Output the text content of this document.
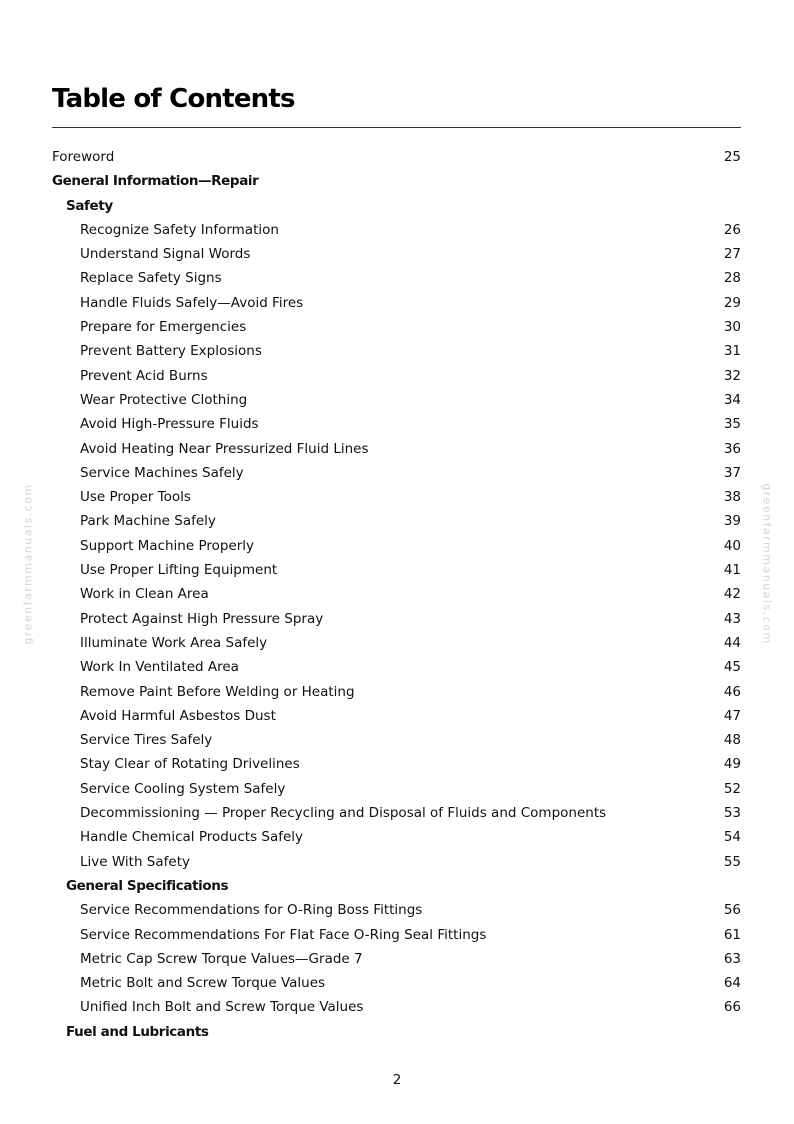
Table of Contents
Foreword	25
General Information—Repair
Safety
Recognize Safety Information	26
Understand Signal Words	27
Replace Safety Signs	28
Handle Fluids Safely—Avoid Fires	29
Prepare for Emergencies	30
Prevent Battery Explosions	31
Prevent Acid Burns	32
Wear Protective Clothing	34
Avoid High-Pressure Fluids	35
Avoid Heating Near Pressurized Fluid Lines	36
Service Machines Safely	37
Use Proper Tools	38
Park Machine Safely	39
Support Machine Properly	40
Use Proper Lifting Equipment	41
Work in Clean Area	42
Protect Against High Pressure Spray	43
Illuminate Work Area Safely	44
Work In Ventilated Area	45
Remove Paint Before Welding or Heating	46
Avoid Harmful Asbestos Dust	47
Service Tires Safely	48
Stay Clear of Rotating Drivelines	49
Service Cooling System Safely	52
Decommissioning — Proper Recycling and Disposal of Fluids and Components	53
Handle Chemical Products Safely	54
Live With Safety	55
General Specifications
Service Recommendations for O-Ring Boss Fittings	56
Service Recommendations For Flat Face O-Ring Seal Fittings	61
Metric Cap Screw Torque Values—Grade 7	63
Metric Bolt and Screw Torque Values	64
Unified Inch Bolt and Screw Torque Values	66
Fuel and Lubricants
2
greenfarmmanuals.com	greenfarmmanuals.com
